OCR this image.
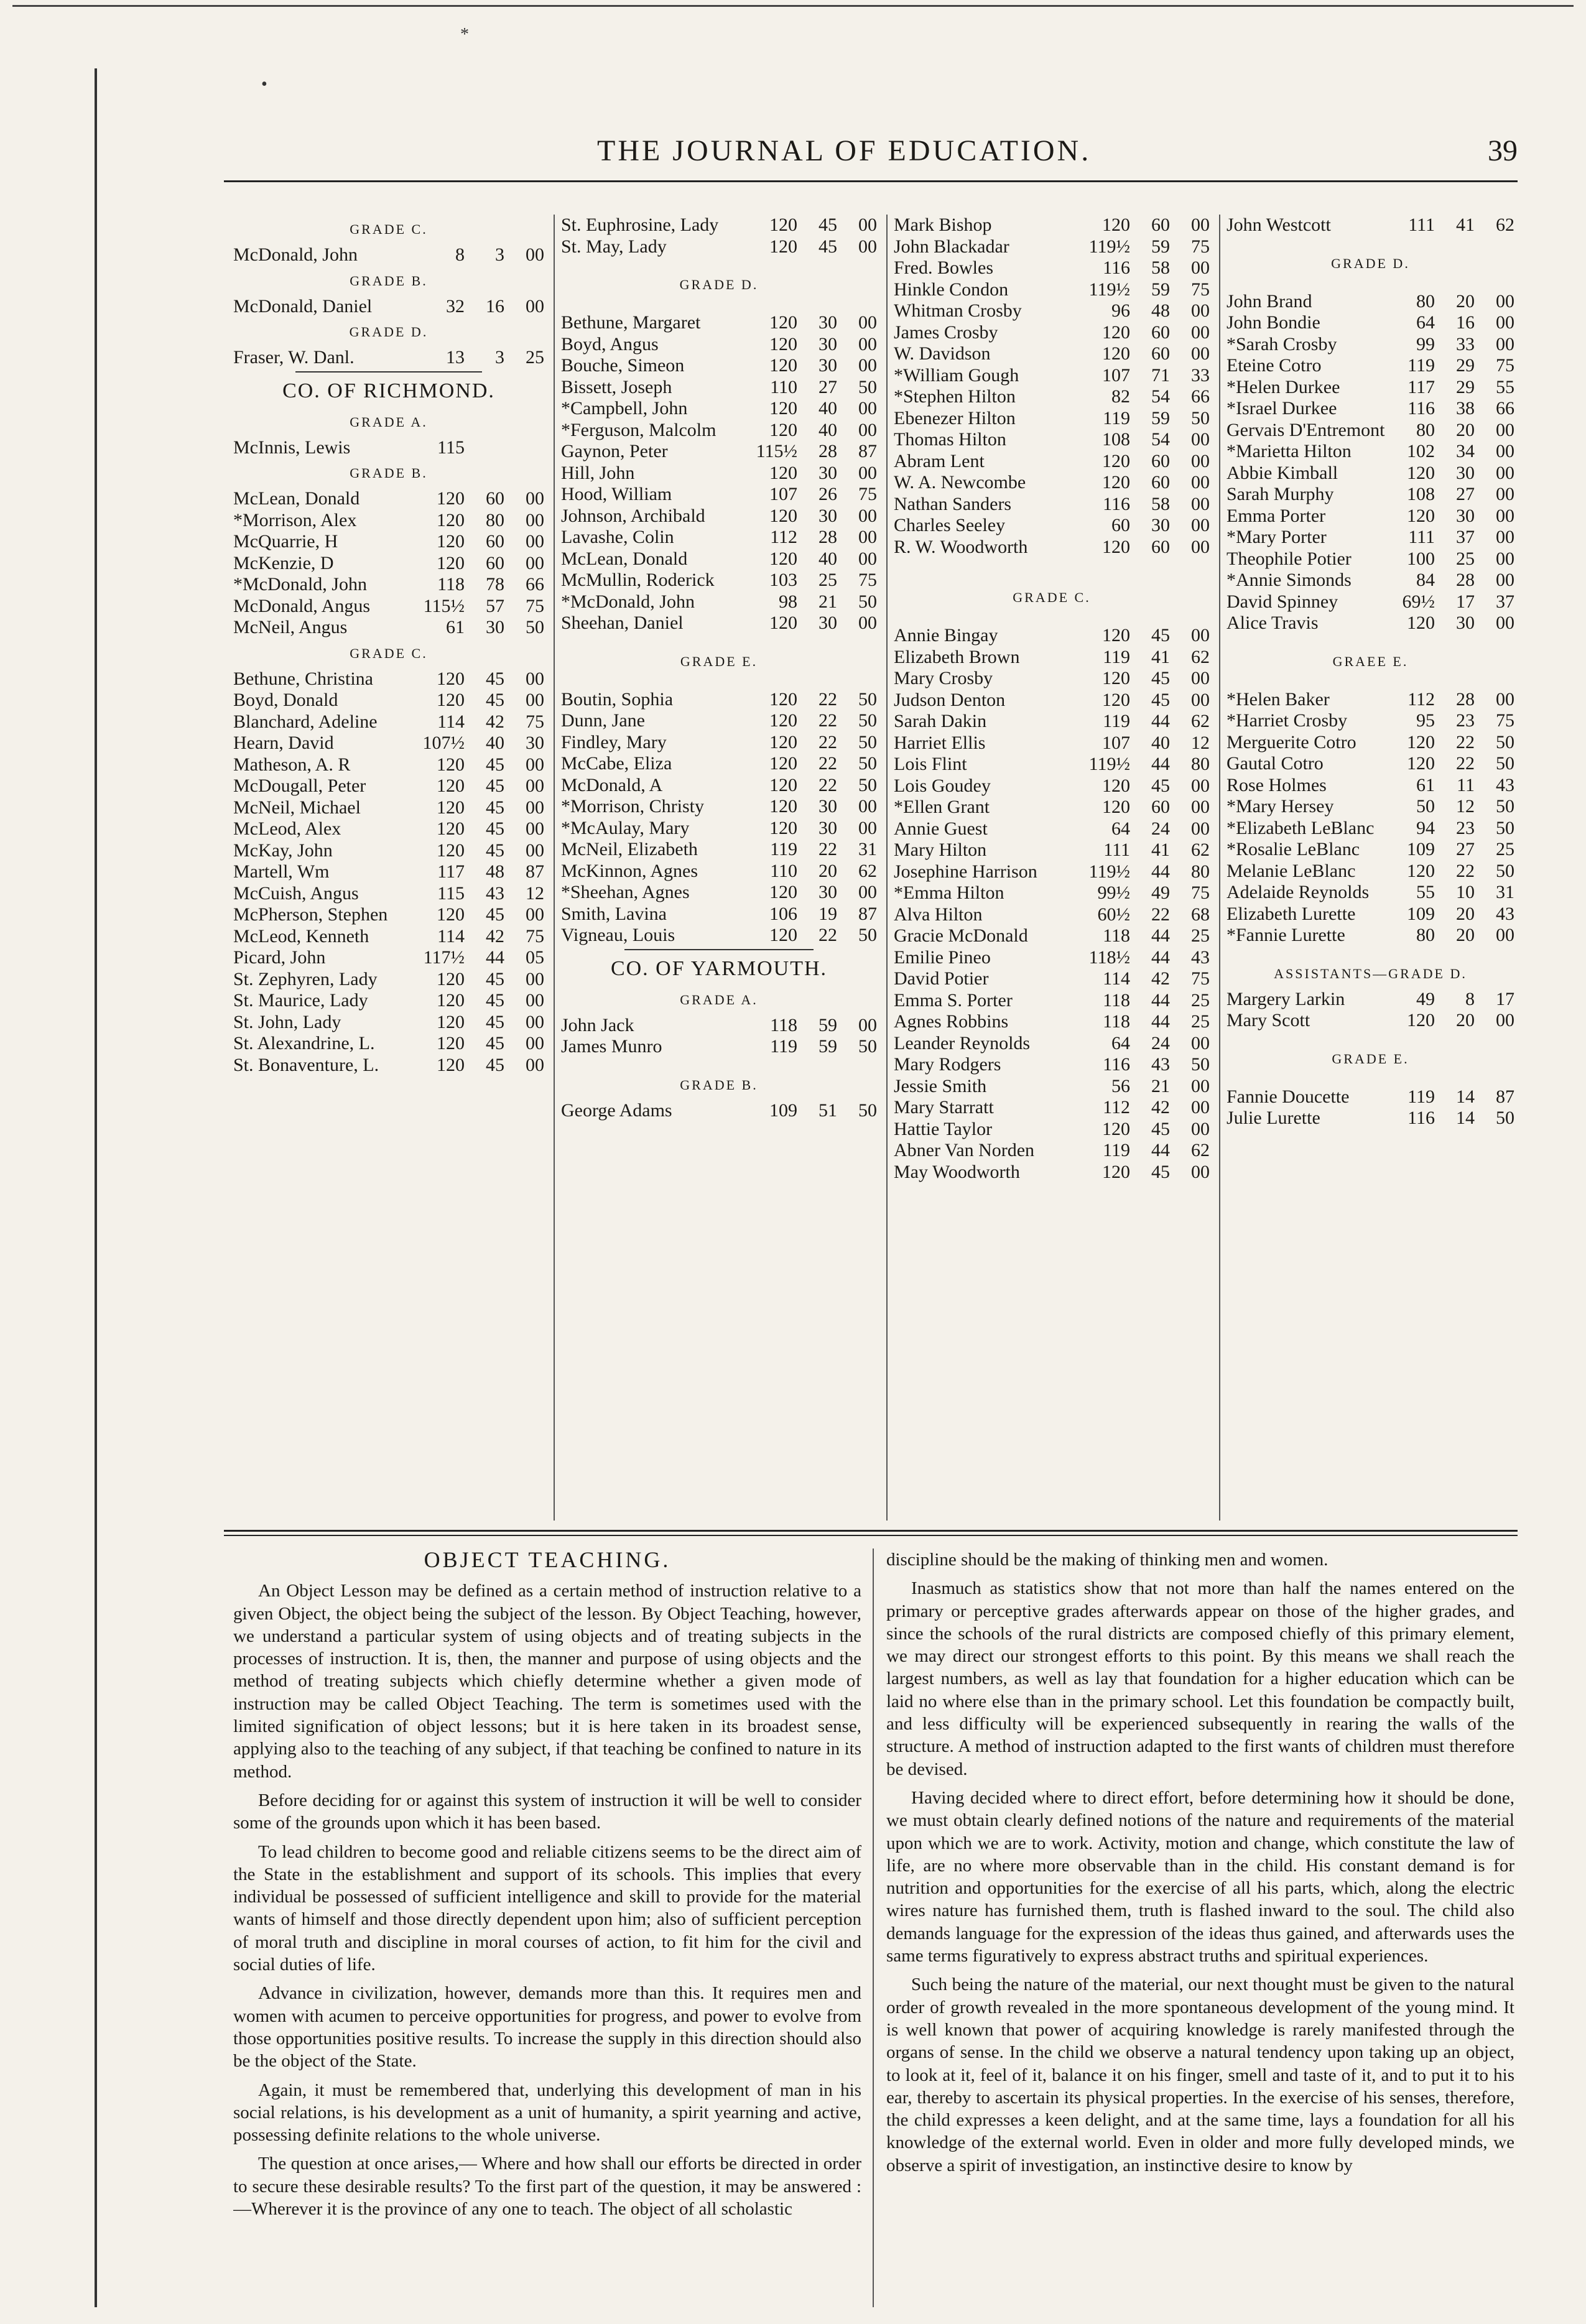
*
•
THE JOURNAL OF EDUCATION.	39
GRADE C.
McDonald, John	8	3	00
GRADE B.
McDonald, Daniel	32	16	00
GRADE D.
Fraser, W. Danl.	13	3	25
CO. OF RICHMOND.
GRADE A.
McInnis, Lewis	115
GRADE B.
McLean, Donald	120	60	00
*Morrison, Alex	120	80	00
McQuarrie, H	120	60	00
McKenzie, D	120	60	00
*McDonald, John	118	78	66
McDonald, Angus	115½	57	75
McNeil, Angus	61	30	50
GRADE C.
Bethune, Christina	120	45	00
Boyd, Donald	120	45	00
Blanchard, Adeline	114	42	75
Hearn, David	107½	40	30
Matheson, A. R	120	45	00
McDougall, Peter	120	45	00
McNeil, Michael	120	45	00
McLeod, Alex	120	45	00
McKay, John	120	45	00
Martell, Wm	117	48	87
McCuish, Angus	115	43	12
McPherson, Stephen	120	45	00
McLeod, Kenneth	114	42	75
Picard, John	117½	44	05
St. Zephyren, Lady	120	45	00
St. Maurice, Lady	120	45	00
St. John, Lady	120	45	00
St. Alexandrine, L.	120	45	00
St. Bonaventure, L.	120	45	00
St. Euphrosine, Lady	120	45	00
St. May, Lady	120	45	00
GRADE D.
Bethune, Margaret	120	30	00
Boyd, Angus	120	30	00
Bouche, Simeon	120	30	00
Bissett, Joseph	110	27	50
*Campbell, John	120	40	00
*Ferguson, Malcolm	120	40	00
Gaynon, Peter	115½	28	87
Hill, John	120	30	00
Hood, William	107	26	75
Johnson, Archibald	120	30	00
Lavashe, Colin	112	28	00
McLean, Donald	120	40	00
McMullin, Roderick	103	25	75
*McDonald, John	98	21	50
Sheehan, Daniel	120	30	00
GRADE E.
Boutin, Sophia	120	22	50
Dunn, Jane	120	22	50
Findley, Mary	120	22	50
McCabe, Eliza	120	22	50
McDonald, A	120	22	50
*Morrison, Christy	120	30	00
*McAulay, Mary	120	30	00
McNeil, Elizabeth	119	22	31
McKinnon, Agnes	110	20	62
*Sheehan, Agnes	120	30	00
Smith, Lavina	106	19	87
Vigneau, Louis	120	22	50
CO. OF YARMOUTH.
GRADE A.
John Jack	118	59	00
James Munro	119	59	50
GRADE B.
George Adams	109	51	50
Mark Bishop	120	60	00
John Blackadar	119½	59	75
Fred. Bowles	116	58	00
Hinkle Condon	119½	59	75
Whitman Crosby	96	48	00
James Crosby	120	60	00
W. Davidson	120	60	00
*William Gough	107	71	33
*Stephen Hilton	82	54	66
Ebenezer Hilton	119	59	50
Thomas Hilton	108	54	00
Abram Lent	120	60	00
W. A. Newcombe	120	60	00
Nathan Sanders	116	58	00
Charles Seeley	60	30	00
R. W. Woodworth	120	60	00
GRADE C.
Annie Bingay	120	45	00
Elizabeth Brown	119	41	62
Mary Crosby	120	45	00
Judson Denton	120	45	00
Sarah Dakin	119	44	62
Harriet Ellis	107	40	12
Lois Flint	119½	44	80
Lois Goudey	120	45	00
*Ellen Grant	120	60	00
Annie Guest	64	24	00
Mary Hilton	111	41	62
Josephine Harrison	119½	44	80
*Emma Hilton	99½	49	75
Alva Hilton	60½	22	68
Gracie McDonald	118	44	25
Emilie Pineo	118½	44	43
David Potier	114	42	75
Emma S. Porter	118	44	25
Agnes Robbins	118	44	25
Leander Reynolds	64	24	00
Mary Rodgers	116	43	50
Jessie Smith	56	21	00
Mary Starratt	112	42	00
Hattie Taylor	120	45	00
Abner Van Norden	119	44	62
May Woodworth	120	45	00
John Westcott	111	41	62
GRADE D.
John Brand	80	20	00
John Bondie	64	16	00
*Sarah Crosby	99	33	00
Eteine Cotro	119	29	75
*Helen Durkee	117	29	55
*Israel Durkee	116	38	66
Gervais D'Entremont	80	20	00
*Marietta Hilton	102	34	00
Abbie Kimball	120	30	00
Sarah Murphy	108	27	00
Emma Porter	120	30	00
*Mary Porter	111	37	00
Theophile Potier	100	25	00
*Annie Simonds	84	28	00
David Spinney	69½	17	37
Alice Travis	120	30	00
GRAEE E.
*Helen Baker	112	28	00
*Harriet Crosby	95	23	75
Merguerite Cotro	120	22	50
Gautal Cotro	120	22	50
Rose Holmes	61	11	43
*Mary Hersey	50	12	50
*Elizabeth LeBlanc	94	23	50
*Rosalie LeBlanc	109	27	25
Melanie LeBlanc	120	22	50
Adelaide Reynolds	55	10	31
Elizabeth Lurette	109	20	43
*Fannie Lurette	80	20	00
ASSISTANTS—GRADE D.
Margery Larkin	49	8	17
Mary Scott	120	20	00
GRADE E.
Fannie Doucette	119	14	87
Julie Lurette	116	14	50
OBJECT TEACHING.

An Object Lesson may be defined as a certain method of instruction relative to a given Object, the object being the subject of the lesson. By Object Teaching, however, we understand a particular system of using objects and of treating subjects in the processes of instruction. It is, then, the manner and purpose of using objects and the method of treating subjects which chiefly determine whether a given mode of instruction may be called Object Teaching. The term is sometimes used with the limited signification of object lessons; but it is here taken in its broadest sense, applying also to the teaching of any subject, if that teaching be confined to nature in its method.

Before deciding for or against this system of instruction it will be well to consider some of the grounds upon which it has been based.

To lead children to become good and reliable citizens seems to be the direct aim of the State in the establishment and support of its schools. This implies that every individual be possessed of sufficient intelligence and skill to provide for the material wants of himself and those directly dependent upon him; also of sufficient perception of moral truth and discipline in moral courses of action, to fit him for the civil and social duties of life.

Advance in civilization, however, demands more than this. It requires men and women with acumen to perceive opportunities for progress, and power to evolve from those opportunities positive results. To increase the supply in this direction should also be the object of the State.

Again, it must be remembered that, underlying this development of man in his social relations, is his development as a unit of humanity, a spirit yearning and active, possessing definite relations to the whole universe.

The question at once arises,— Where and how shall our efforts be directed in order to secure these desirable results? To the first part of the question, it may be answered :—Wherever it is the province of any one to teach. The object of all scholastic

discipline should be the making of thinking men and women.

Inasmuch as statistics show that not more than half the names entered on the primary or perceptive grades afterwards appear on those of the higher grades, and since the schools of the rural districts are composed chiefly of this primary element, we may direct our strongest efforts to this point. By this means we shall reach the largest numbers, as well as lay that foundation for a higher education which can be laid no where else than in the primary school. Let this foundation be compactly built, and less difficulty will be experienced subsequently in rearing the walls of the structure. A method of instruction adapted to the first wants of children must therefore be devised.

Having decided where to direct effort, before determining how it should be done, we must obtain clearly defined notions of the nature and requirements of the material upon which we are to work. Activity, motion and change, which constitute the law of life, are no where more observable than in the child. His constant demand is for nutrition and opportunities for the exercise of all his parts, which, along the electric wires nature has furnished them, truth is flashed inward to the soul. The child also demands language for the expression of the ideas thus gained, and afterwards uses the same terms figuratively to express abstract truths and spiritual experiences.

Such being the nature of the material, our next thought must be given to the natural order of growth revealed in the more spontaneous development of the young mind. It is well known that power of acquiring knowledge is rarely manifested through the organs of sense. In the child we observe a natural tendency upon taking up an object, to look at it, feel of it, balance it on his finger, smell and taste of it, and to put it to his ear, thereby to ascertain its physical properties. In the exercise of his senses, therefore, the child expresses a keen delight, and at the same time, lays a foundation for all his knowledge of the external world. Even in older and more fully developed minds, we observe a spirit of investigation, an instinctive desire to know by
